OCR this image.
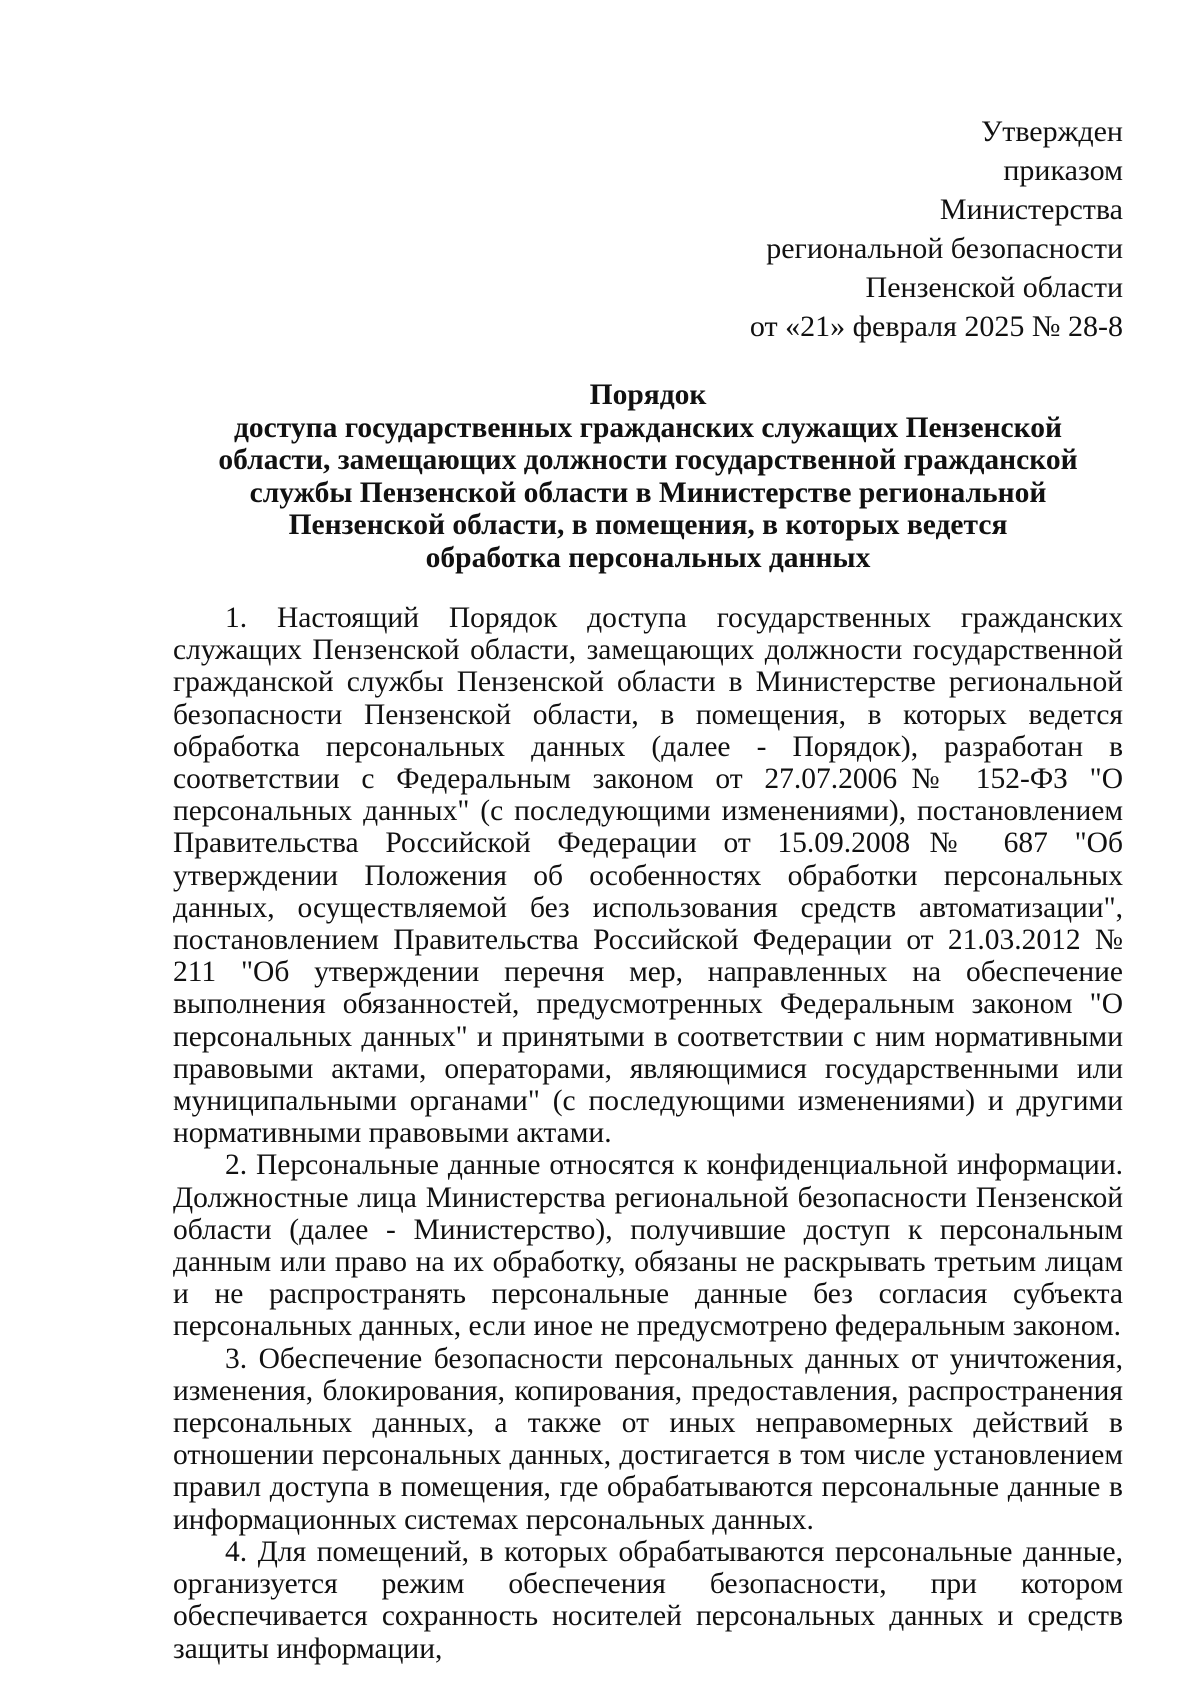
Утвержден
приказом
Министерства
региональной безопасности
Пензенской области
от «21» февраля 2025 № 28-8
Порядок
доступа государственных гражданских служащих Пензенской
области, замещающих должности государственной гражданской
службы Пензенской области в Министерстве региональной
Пензенской области, в помещения, в которых ведется
обработка персональных данных

1. Настоящий Порядок доступа государственных гражданских служащих Пензенской области, замещающих должности государственной гражданской службы Пензенской области в Министерстве региональной безопасности Пензенской области, в помещения, в которых ведется обработка персональных данных (далее - Порядок), разработан в соответствии с Федеральным законом от 27.07.2006№ 152-ФЗ "О персональных данных" (с последующими изменениями), постановлением Правительства Российской Федерации от 15.09.2008№ 687 "Об утверждении Положения об особенностях обработки персональных данных, осуществляемой без использования средств автоматизации", постановлением Правительства Российской Федерации от 21.03.2012 № 211 "Об утверждении перечня мер, направленных на обеспечение выполнения обязанностей, предусмотренных Федеральным законом "О персональных данных" и принятыми в соответствии с ним нормативными правовыми актами, операторами, являющимися государственными или муниципальными органами" (с последующими изменениями) и другими нормативными правовыми актами.

2. Персональные данные относятся к конфиденциальной информации. Должностные лица Министерства региональной безопасности Пензенской области (далее - Министерство), получившие доступ к персональным данным или право на их обработку, обязаны не раскрывать третьим лицам и не распространять персональные данные без согласия субъекта персональных данных, если иное не предусмотрено федеральным законом.

3. Обеспечение безопасности персональных данных от уничтожения, изменения, блокирования, копирования, предоставления, распространения персональных данных, а также от иных неправомерных действий в отношении персональных данных, достигается в том числе установлением правил доступа в помещения, где обрабатываются персональные данные в информационных системах персональных данных.

4. Для помещений, в которых обрабатываются персональные данные, организуется режим обеспечения безопасности, при котором обеспечивается сохранность носителей персональных данных и средств защиты информации,
